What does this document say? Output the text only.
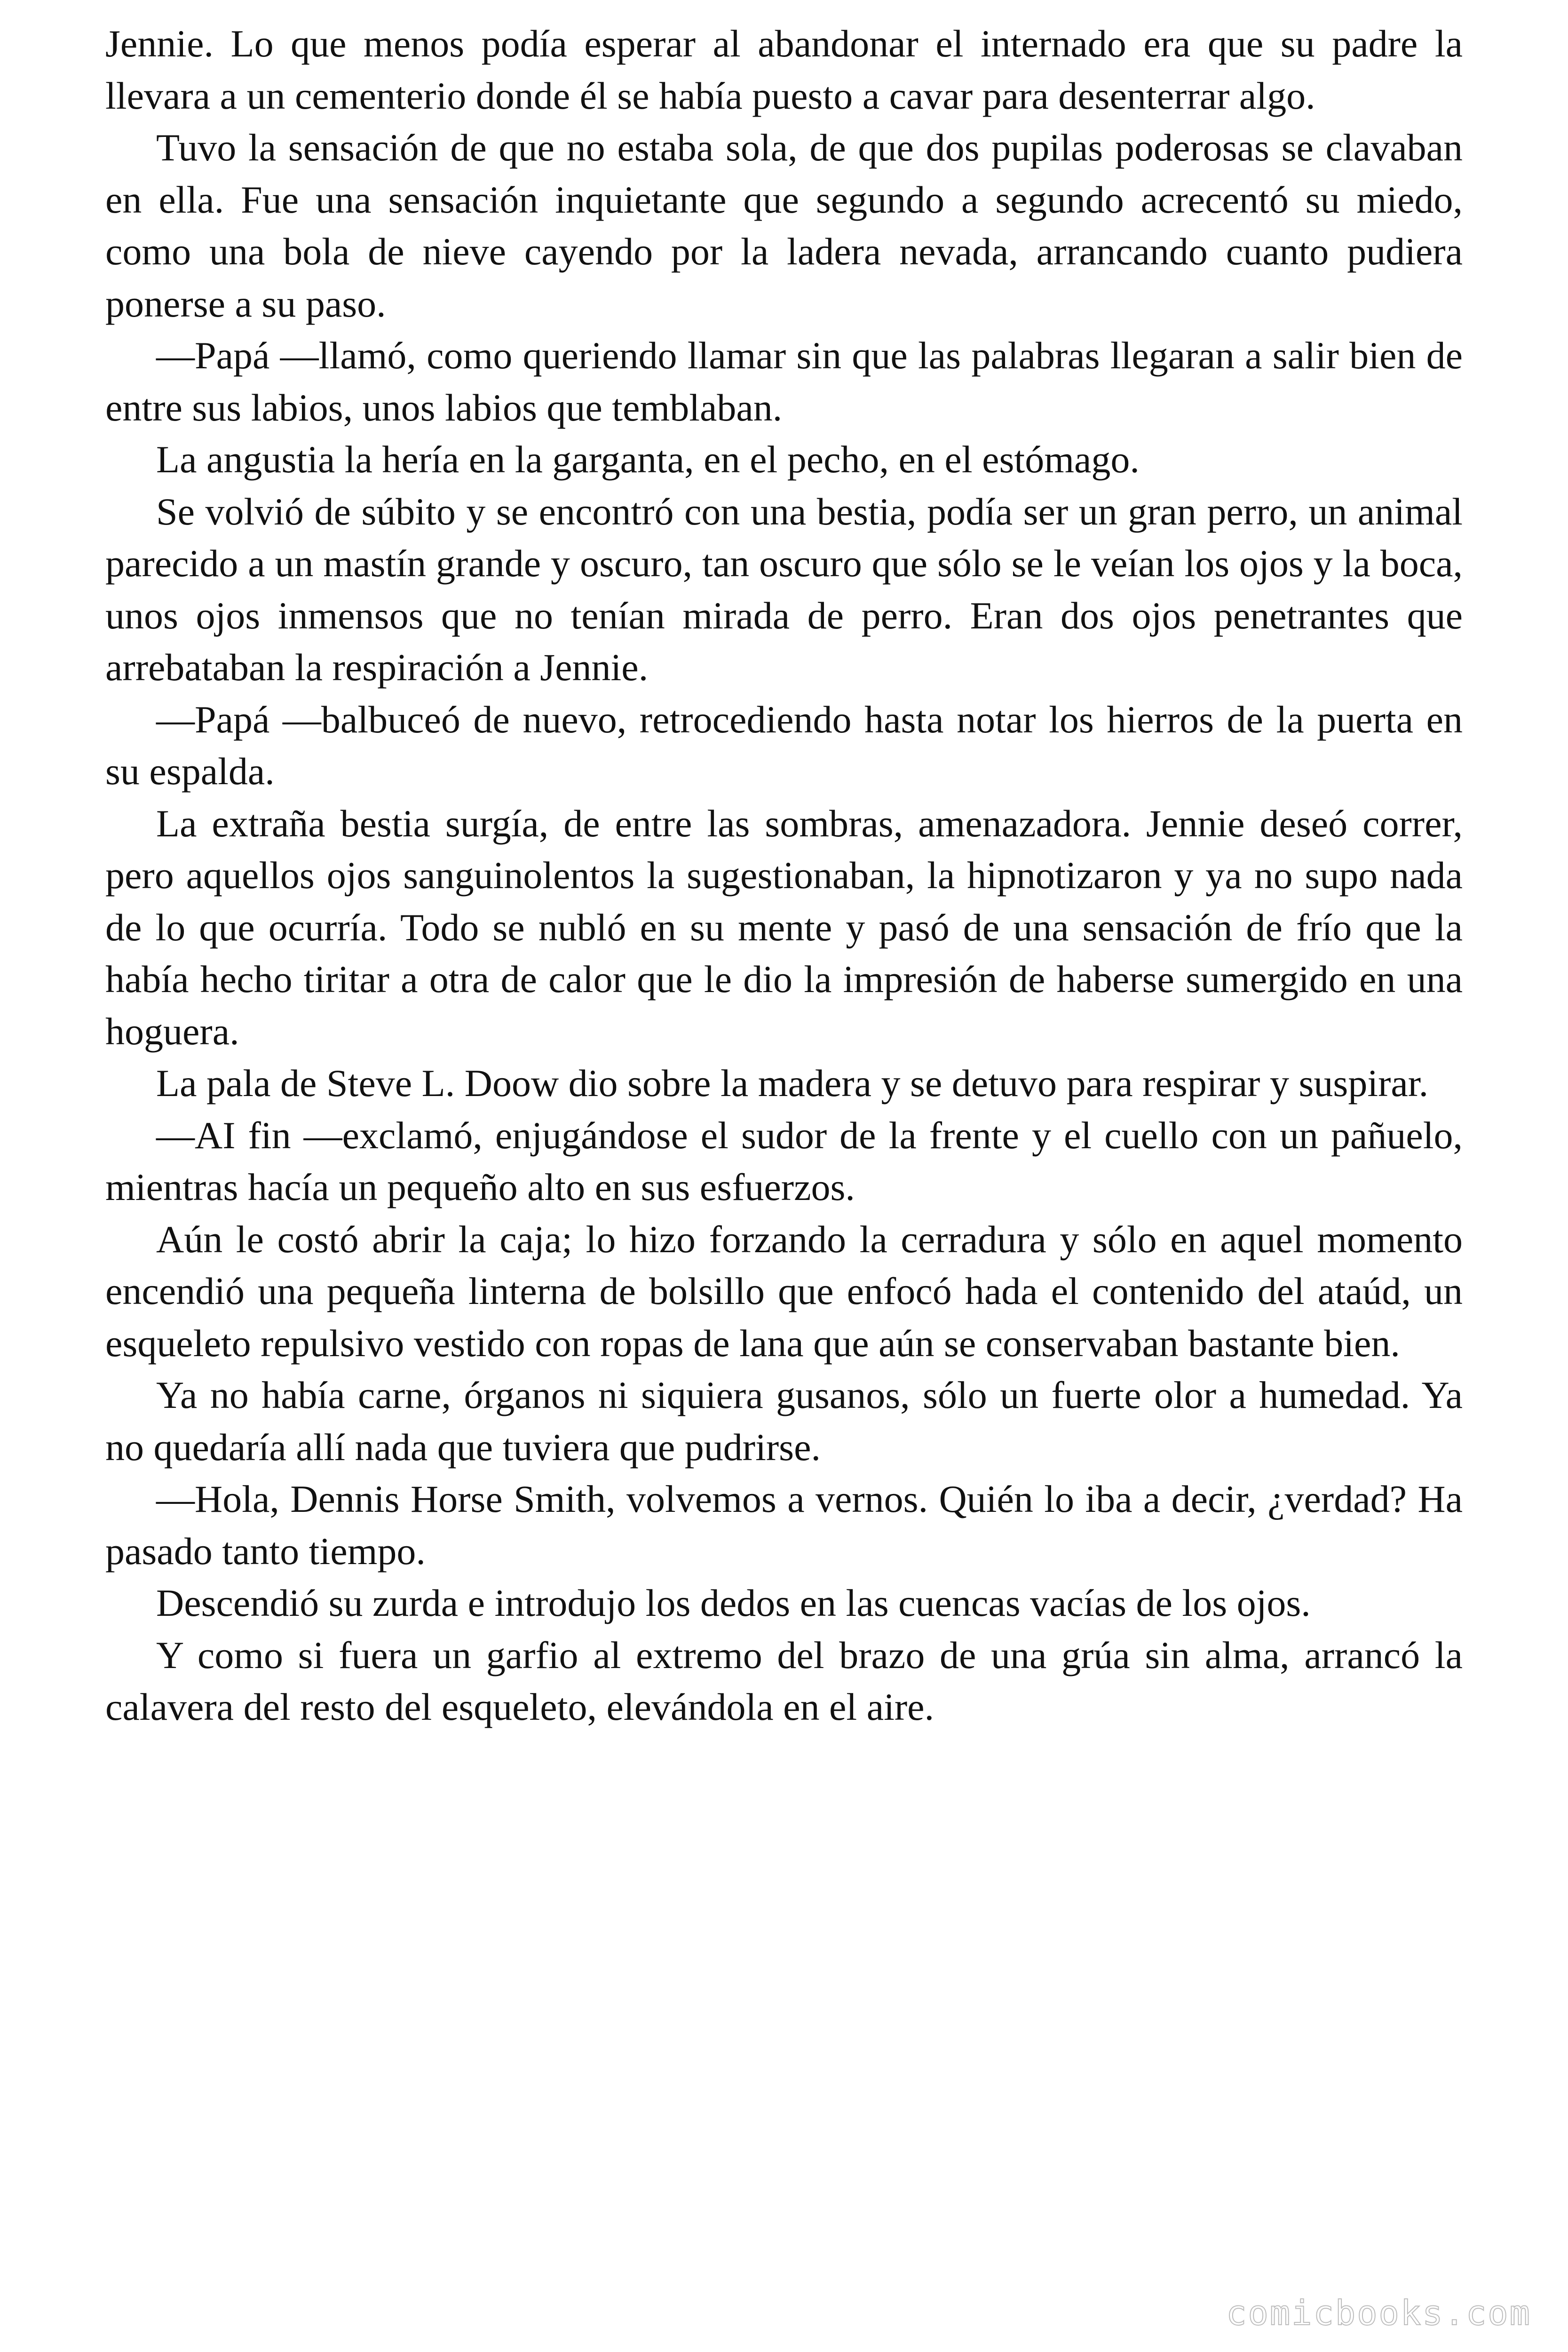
Jennie. Lo que menos podía esperar al abandonar el internado era que su padre la llevara a un cementerio donde él se había puesto a cavar para desenterrar algo.

Tuvo la sensación de que no estaba sola, de que dos pupilas poderosas se clavaban en ella. Fue una sensación inquietante que segundo a segundo acrecentó su miedo, como una bola de nieve cayendo por la ladera nevada, arrancando cuanto pudiera ponerse a su paso.

—Papá —llamó, como queriendo llamar sin que las palabras llegaran a salir bien de entre sus labios, unos labios que temblaban.

La angustia la hería en la garganta, en el pecho, en el estómago.

Se volvió de súbito y se encontró con una bestia, podía ser un gran perro, un animal parecido a un mastín grande y oscuro, tan oscuro que sólo se le veían los ojos y la boca, unos ojos inmensos que no tenían mirada de perro. Eran dos ojos penetrantes que arrebataban la respiración a Jennie.

—Papá —balbuceó de nuevo, retrocediendo hasta notar los hierros de la puerta en su espalda.

La extraña bestia surgía, de entre las sombras, amenazadora. Jennie deseó correr, pero aquellos ojos sanguinolentos la sugestionaban, la hipnotizaron y ya no supo nada de lo que ocurría. Todo se nubló en su mente y pasó de una sensación de frío que la había hecho tiritar a otra de calor que le dio la impresión de haberse sumergido en una hoguera.

La pala de Steve L. Doow dio sobre la madera y se detuvo para respirar y suspirar.

—AI fin —exclamó, enjugándose el sudor de la frente y el cuello con un pañuelo, mientras hacía un pequeño alto en sus esfuerzos.

Aún le costó abrir la caja; lo hizo forzando la cerradura y sólo en aquel momento encendió una pequeña linterna de bolsillo que enfocó hada el contenido del ataúd, un esqueleto repulsivo vestido con ropas de lana que aún se conservaban bastante bien.

Ya no había carne, órganos ni siquiera gusanos, sólo un fuerte olor a humedad. Ya no quedaría allí nada que tuviera que pudrirse.

—Hola, Dennis Horse Smith, volvemos a vernos. Quién lo iba a decir, ¿verdad? Ha pasado tanto tiempo.

Descendió su zurda e introdujo los dedos en las cuencas vacías de los ojos.

Y como si fuera un garfio al extremo del brazo de una grúa sin alma, arrancó la calavera del resto del esqueleto, elevándola en el aire.

comicbooks.com
